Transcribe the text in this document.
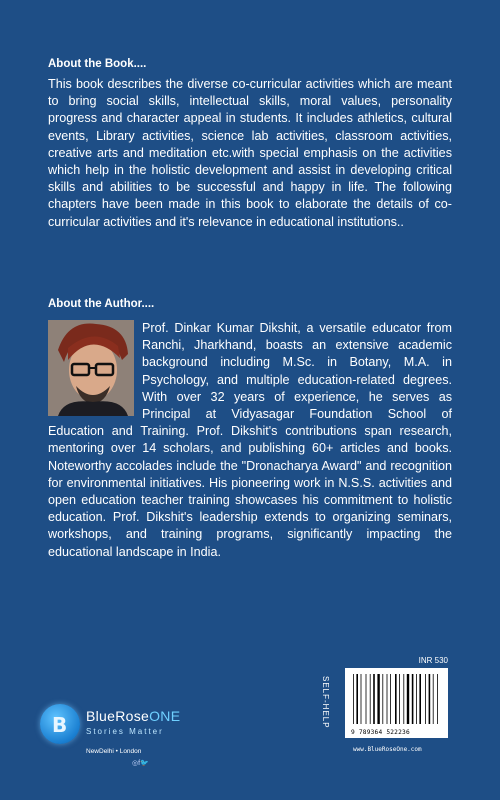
About the Book....
This book describes the diverse co-curricular activities which are meant to bring social skills, intellectual skills, moral values, personality progress and character appeal in students. It includes athletics, cultural events, Library activities, science lab activities, classroom activities, creative arts and meditation etc.with special emphasis on the activities which help in the holistic development and assist in developing critical skills and abilities to be successful and happy in life. The following chapters have been made in this book to elaborate the details of co-curricular activities and it's relevance in educational institutions..
About the Author....
Prof. Dinkar Kumar Dikshit, a versatile educator from Ranchi, Jharkhand, boasts an extensive academic background including M.Sc. in Botany, M.A. in Psychology, and multiple education-related degrees. With over 32 years of experience, he serves as Principal at Vidyasagar Foundation School of Education and Training. Prof. Dikshit's contributions span research, mentoring over 14 scholars, and publishing 60+ articles and books. Noteworthy accolades include the "Dronacharya Award" and recognition for environmental initiatives. His pioneering work in N.S.S. activities and open education teacher training showcases his commitment to holistic education. Prof. Dikshit's leadership extends to organizing seminars, workshops, and training programs, significantly impacting the educational landscape in India.
B BlueRoseONE
Stories Matter
NewDelhi • London
◎f🐦
INR 530
SELF-HELP
9 789364 522236
www.BlueRoseOne.com
